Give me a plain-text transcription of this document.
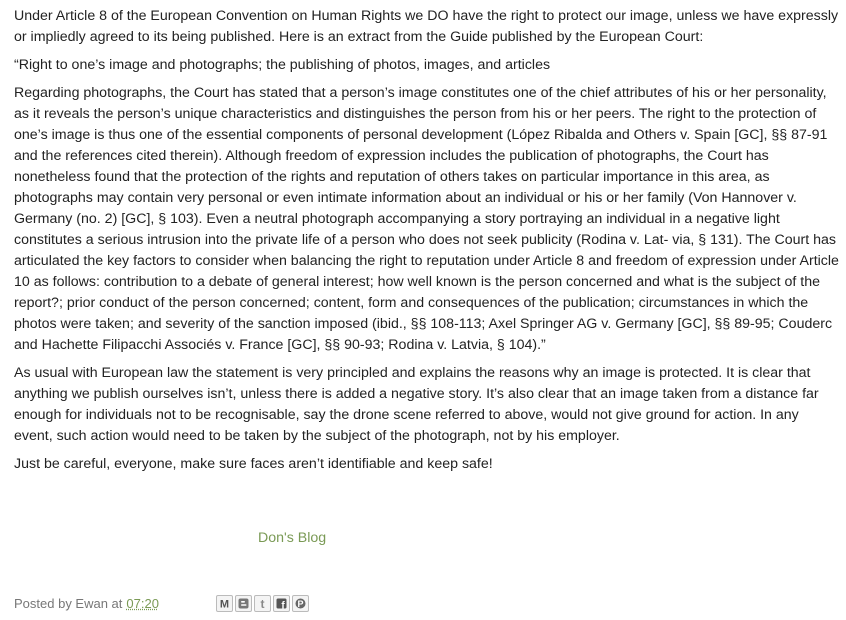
Under Article 8 of the European Convention on Human Rights we DO have the right to protect our image, unless we have expressly or impliedly agreed to its being published. Here is an extract from the Guide published by the European Court:

“Right to one’s image and photographs; the publishing of photos, images, and articles

Regarding photographs, the Court has stated that a person’s image constitutes one of the chief attributes of his or her personality, as it reveals the person’s unique characteristics and distinguishes the person from his or her peers. The right to the protection of one’s image is thus one of the essential components of personal development (López Ribalda and Others v. Spain [GC], §§ 87-91 and the references cited therein). Although freedom of expression includes the publication of photographs, the Court has nonetheless found that the protection of the rights and reputation of others takes on particular importance in this area, as photographs may contain very personal or even intimate information about an individual or his or her family (Von Hannover v. Germany (no. 2) [GC], § 103). Even a neutral photograph accompanying a story portraying an individual in a negative light constitutes a serious intrusion into the private life of a person who does not seek publicity (Rodina v. Lat- via, § 131). The Court has articulated the key factors to consider when balancing the right to reputation under Article 8 and freedom of expression under Article 10 as follows: contribution to a debate of general interest; how well known is the person concerned and what is the subject of the report?; prior conduct of the person concerned; content, form and consequences of the publication; circumstances in which the photos were taken; and severity of the sanction imposed (ibid., §§ 108-113; Axel Springer AG v. Germany [GC], §§ 89-95; Couderc and Hachette Filipacchi Associés v. France [GC], §§ 90-93; Rodina v. Latvia, § 104).”

As usual with European law the statement is very principled and explains the reasons why an image is protected. It is clear that anything we publish ourselves isn’t, unless there is added a negative story. It’s also clear that an image taken from a distance far enough for individuals not to be recognisable, say the drone scene referred to above, would not give ground for action. In any event, such action would need to be taken by the subject of the photograph, not by his employer.

Just be careful, everyone, make sure faces aren’t identifiable and keep safe!

Don's Blog
Posted by Ewan at 07:20	M	t f P
